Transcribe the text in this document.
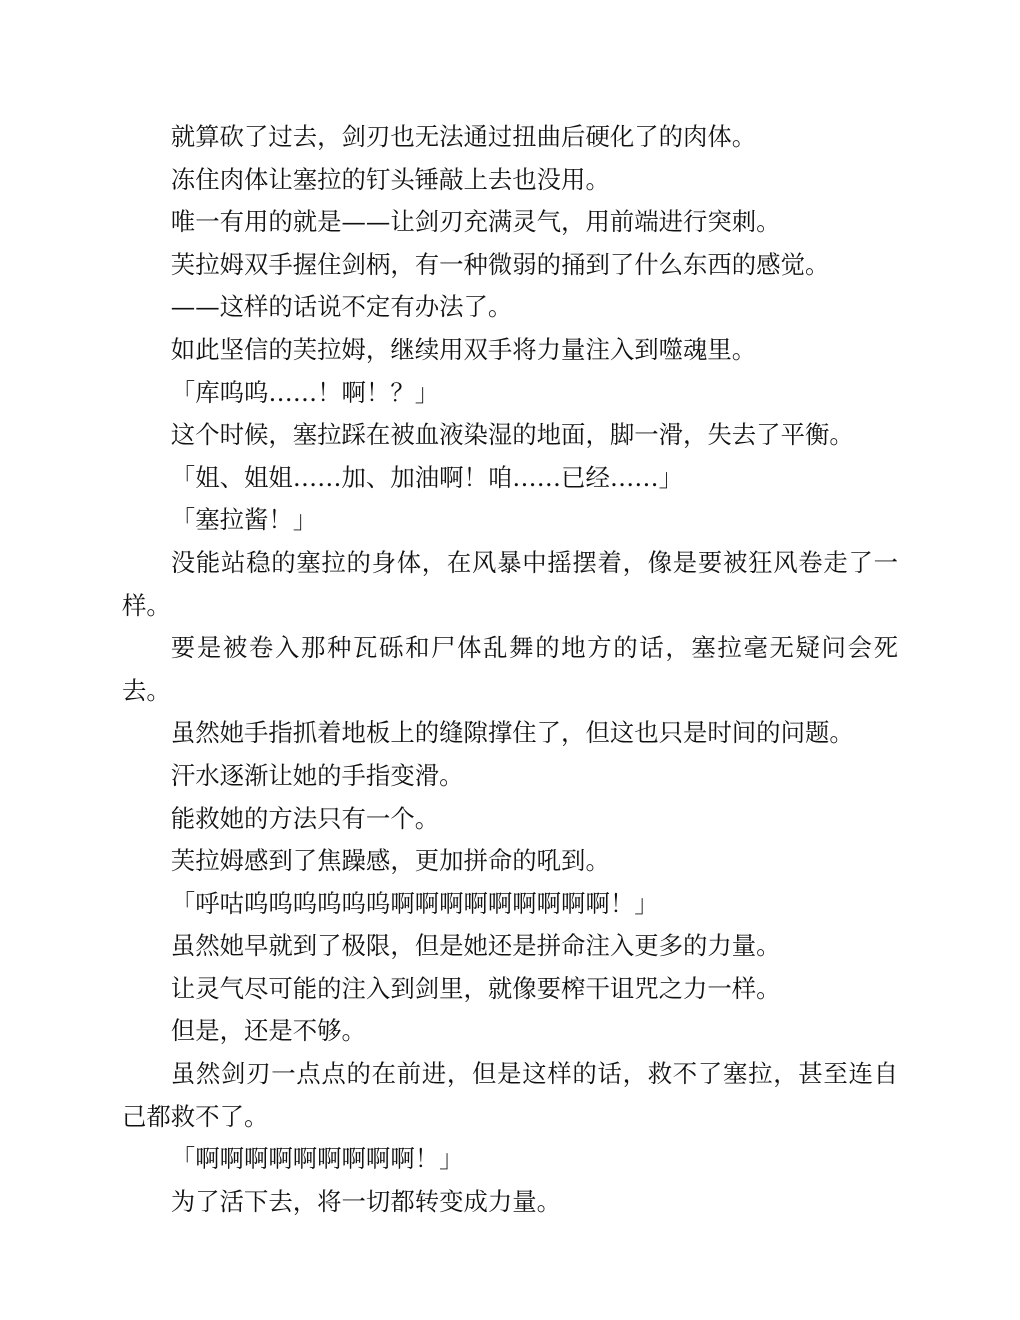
就算砍了过去，剑刃也无法通过扭曲后硬化了的肉体。

冻住肉体让塞拉的钉头锤敲上去也没用。

唯一有用的就是——让剑刃充满灵气，用前端进行突刺。

芙拉姆双手握住剑柄，有一种微弱的捅到了什么东西的感觉。

——这样的话说不定有办法了。

如此坚信的芙拉姆，继续用双手将力量注入到噬魂里。

「库呜呜……！啊！？」

这个时候，塞拉踩在被血液染湿的地面，脚一滑，失去了平衡。

「姐、姐姐……加、加油啊！咱……已经……」

「塞拉酱！」

没能站稳的塞拉的身体，在风暴中摇摆着，像是要被狂风卷走了一样。

要是被卷入那种瓦砾和尸体乱舞的地方的话，塞拉毫无疑问会死去。

虽然她手指抓着地板上的缝隙撑住了，但这也只是时间的问题。

汗水逐渐让她的手指变滑。

能救她的方法只有一个。

芙拉姆感到了焦躁感，更加拼命的吼到。

「呼咕呜呜呜呜呜呜啊啊啊啊啊啊啊啊啊！」

虽然她早就到了极限，但是她还是拼命注入更多的力量。

让灵气尽可能的注入到剑里，就像要榨干诅咒之力一样。

但是，还是不够。

虽然剑刃一点点的在前进，但是这样的话，救不了塞拉，甚至连自己都救不了。

「啊啊啊啊啊啊啊啊啊！」

为了活下去，将一切都转变成力量。
